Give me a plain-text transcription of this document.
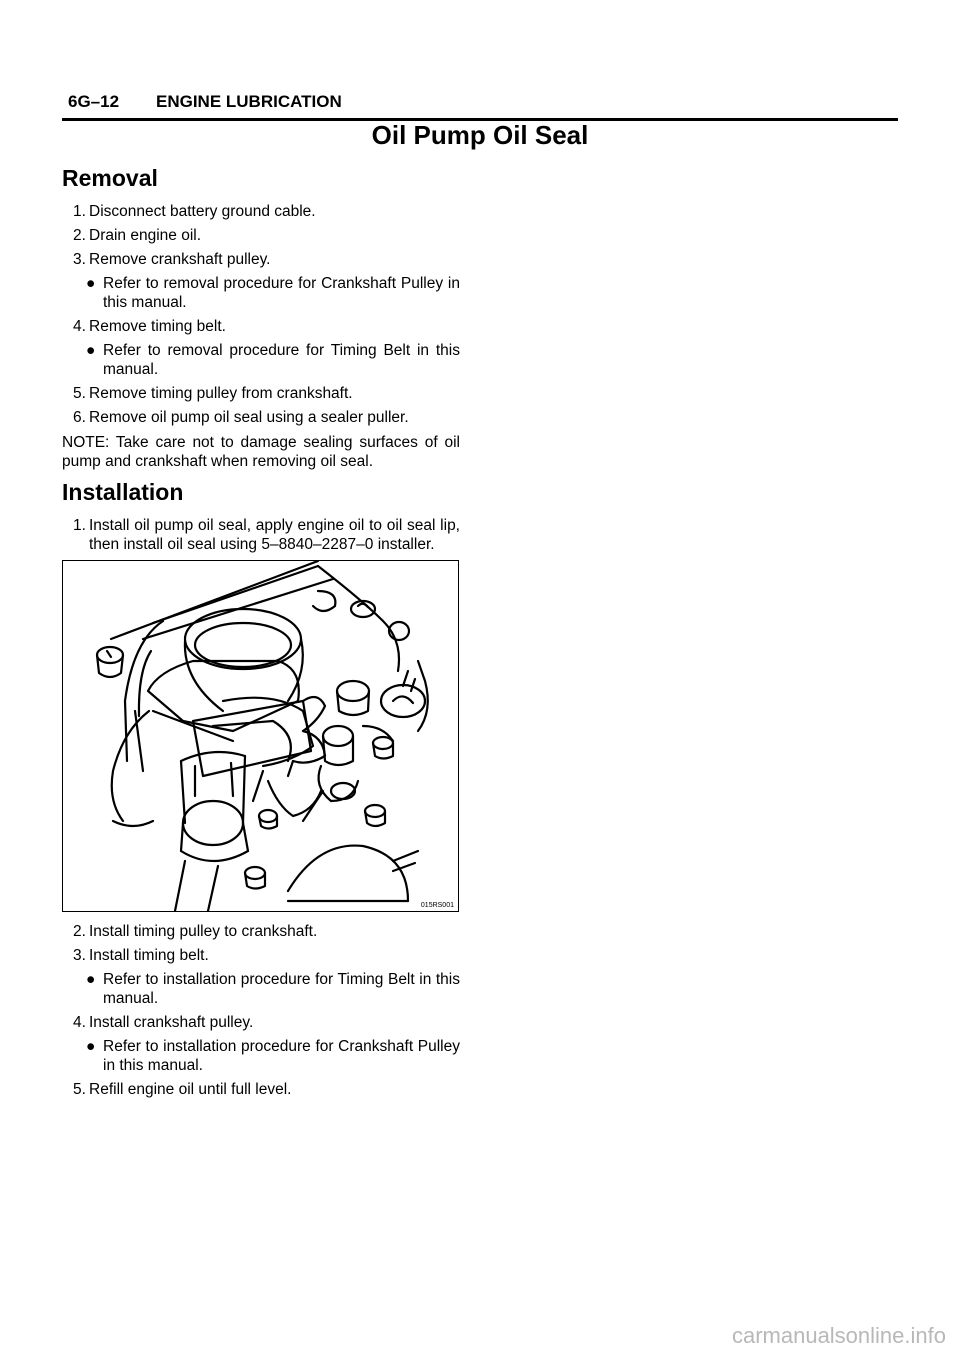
6G–12 ENGINE LUBRICATION
Oil Pump Oil Seal
Removal
1. Disconnect battery ground cable.
2. Drain engine oil.
3. Remove crankshaft pulley.
● Refer to removal procedure for Crankshaft Pulley in this manual.
4. Remove timing belt.
● Refer to removal procedure for Timing Belt in this manual.
5. Remove timing pulley from crankshaft.
6. Remove oil pump oil seal using a sealer puller.
NOTE: Take care not to damage sealing surfaces of oil pump and crankshaft when removing oil seal.
Installation
1. Install oil pump oil seal, apply engine oil to oil seal lip, then install oil seal using 5–8840–2287–0 installer.
015RS001
2. Install timing pulley to crankshaft.
3. Install timing belt.
● Refer to installation procedure for Timing Belt in this manual.
4. Install crankshaft pulley.
● Refer to installation procedure for Crankshaft Pulley in this manual.
5. Refill engine oil until full level.
carmanualsonline.info
